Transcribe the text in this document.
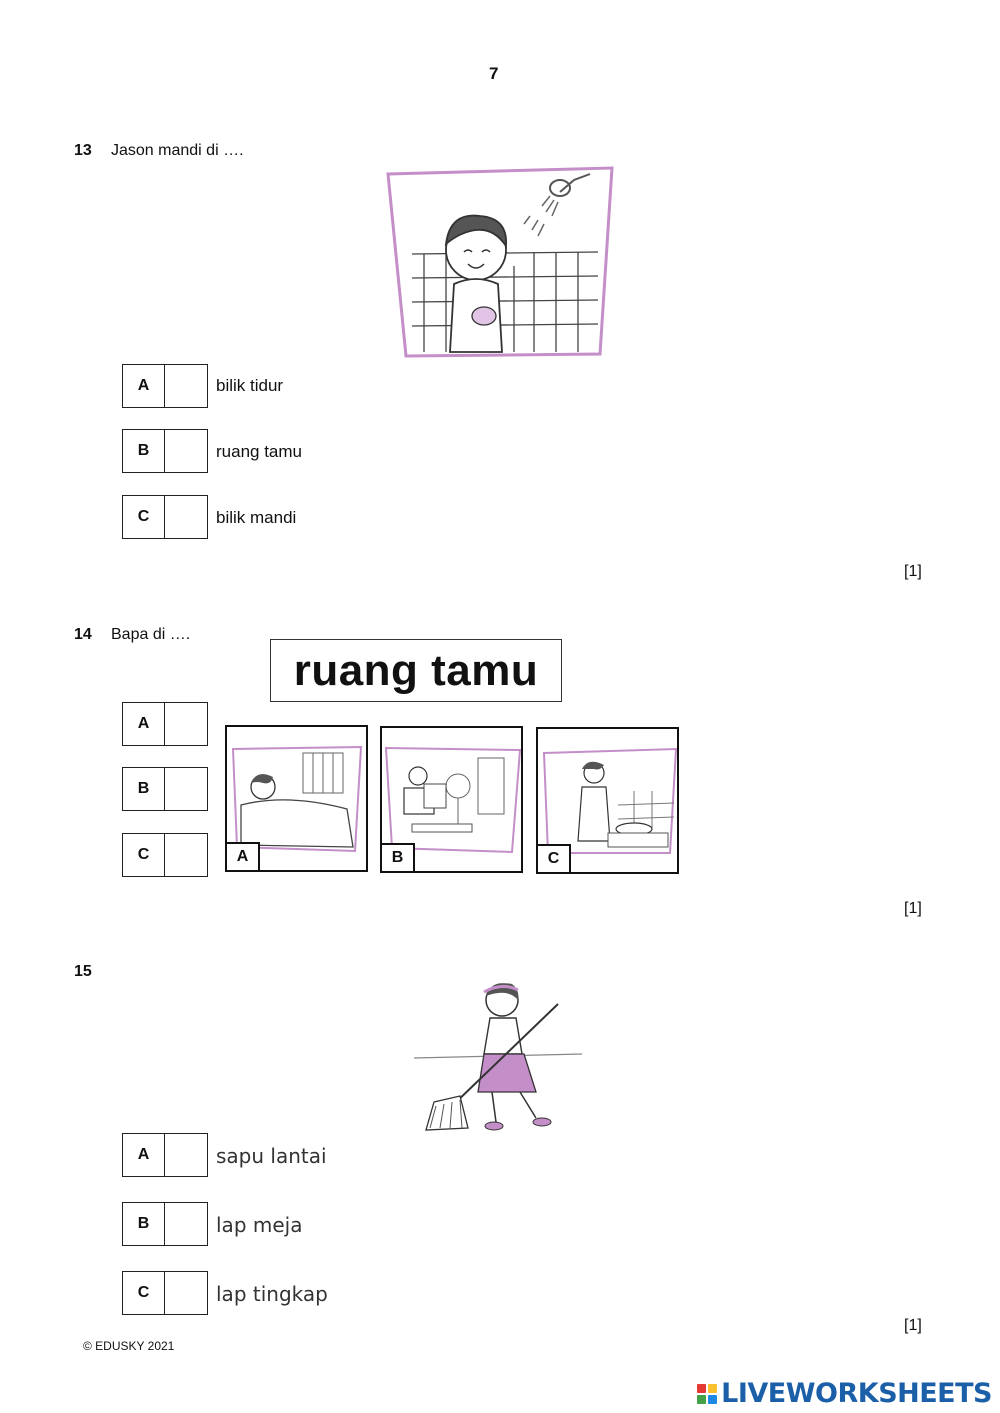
7
13 Jason mandi di ….
A	bilik tidur
B	ruang tamu
C	bilik mandi
[1]
14 Bapa di ….
ruang tamu
A
B
C	A	B	C
[1]
15
A	sapu lantai
B	lap meja
C	lap tingkap
[1]
© EDUSKY 2021
LIVEWORKSHEETS
